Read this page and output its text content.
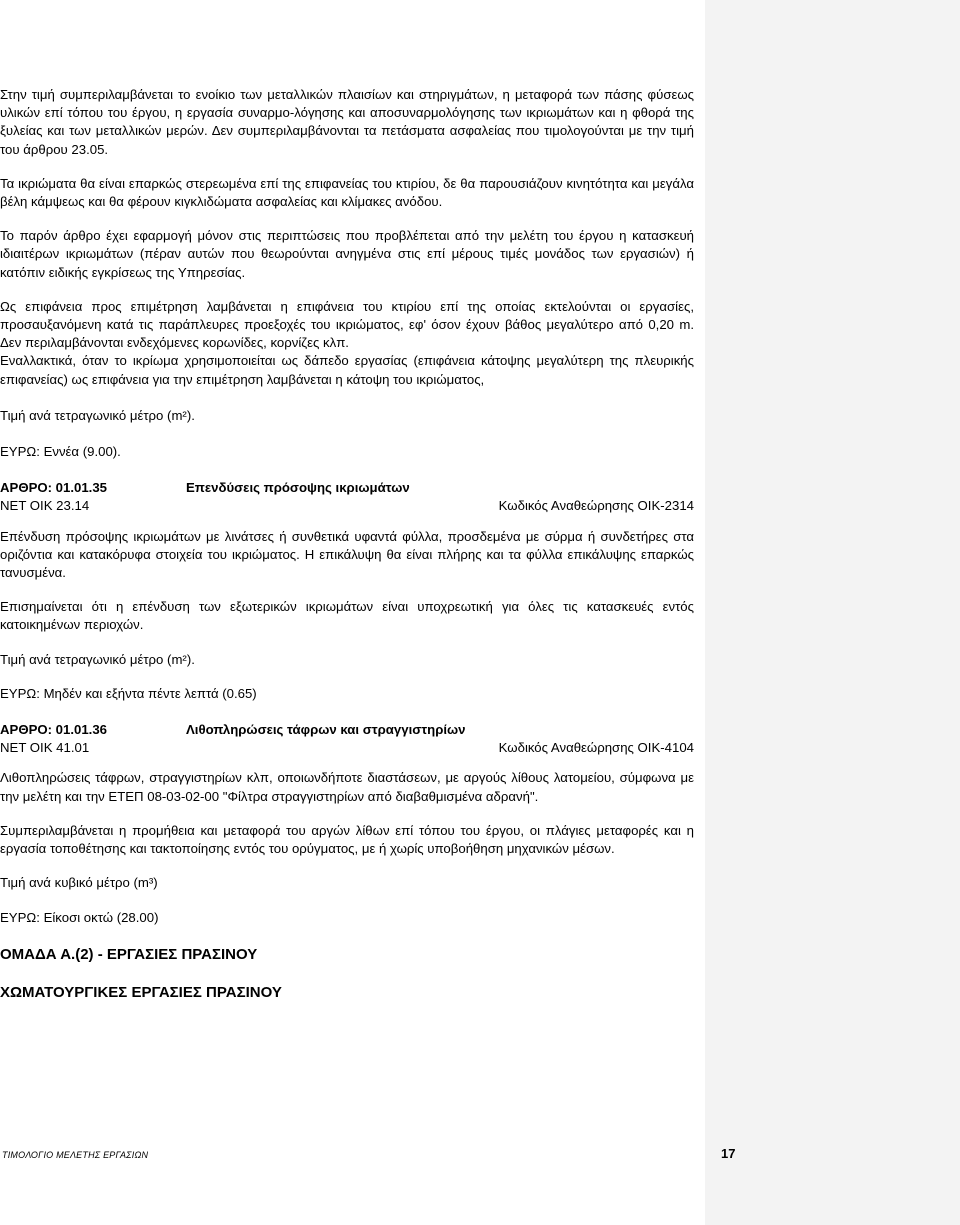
Στην τιμή συμπεριλαμβάνεται το ενοίκιο των μεταλλικών πλαισίων και στηριγμάτων, η μεταφορά των πάσης φύσεως υλικών επί τόπου του έργου, η εργασία συναρμο-λόγησης και αποσυναρμολόγησης των ικριωμάτων και η φθορά της ξυλείας και των μεταλλικών μερών. Δεν συμπεριλαμβάνονται τα πετάσματα ασφαλείας που τιμολογούνται με την τιμή του άρθρου 23.05.

Τα ικριώματα θα είναι επαρκώς στερεωμένα επί της επιφανείας του κτιρίου, δε θα παρουσιάζουν κινητότητα και μεγάλα βέλη κάμψεως και θα φέρουν κιγκλιδώματα ασφαλείας και κλίμακες ανόδου.

Το παρόν άρθρο έχει εφαρμογή μόνον στις περιπτώσεις που προβλέπεται από την μελέτη του έργου η κατασκευή ιδιαιτέρων ικριωμάτων (πέραν αυτών που θεωρούνται ανηγμένα στις επί μέρους τιμές μονάδος των εργασιών) ή κατόπιν ειδικής εγκρίσεως της Υπηρεσίας.

Ως επιφάνεια προς επιμέτρηση λαμβάνεται η επιφάνεια του κτιρίου επί της οποίας εκτελούνται οι εργασίες, προσαυξανόμενη κατά τις παράπλευρες προεξοχές του ικριώματος, εφ' όσον έχουν βάθος μεγαλύτερο από 0,20 m. Δεν περιλαμβάνονται ενδεχόμενες κορωνίδες, κορνίζες κλπ.

Εναλλακτικά, όταν το ικρίωμα χρησιμοποιείται ως δάπεδο εργασίας (επιφάνεια κάτοψης μεγαλύτερη της πλευρικής επιφανείας) ως επιφάνεια για την επιμέτρηση λαμβάνεται η κάτοψη του ικριώματος,

Τιμή ανά τετραγωνικό μέτρο (m²).

ΕΥΡΩ: Εννέα (9.00).

ΑΡΘΡΟ: 01.01.35	Επενδύσεις πρόσοψης ικριωμάτων
ΝΕΤ ΟΙΚ 23.14	Κωδικός Αναθεώρησης ΟΙΚ-2314

Επένδυση πρόσοψης ικριωμάτων με λινάτσες ή συνθετικά υφαντά φύλλα, προσδεμένα με σύρμα ή συνδετήρες στα οριζόντια και κατακόρυφα στοιχεία του ικριώματος. Η επικάλυψη θα είναι πλήρης και τα φύλλα επικάλυψης επαρκώς τανυσμένα.

Επισημαίνεται ότι η επένδυση των εξωτερικών ικριωμάτων είναι υποχρεωτική για όλες τις κατασκευές εντός κατοικημένων περιοχών.

Τιμή ανά τετραγωνικό μέτρο (m²).

ΕΥΡΩ: Μηδέν και εξήντα πέντε λεπτά (0.65)

ΑΡΘΡΟ: 01.01.36	Λιθοπληρώσεις τάφρων και στραγγιστηρίων
ΝΕΤ ΟΙΚ 41.01	Κωδικός Αναθεώρησης ΟΙΚ-4104

Λιθοπληρώσεις τάφρων, στραγγιστηρίων κλπ, οποιωνδήποτε διαστάσεων, με αργούς λίθους λατομείου, σύμφωνα με την μελέτη και την ΕΤΕΠ 08-03-02-00 "Φίλτρα στραγγιστηρίων από διαβαθμισμένα αδρανή".

Συμπεριλαμβάνεται η προμήθεια και μεταφορά του αργών λίθων επί τόπου του έργου, οι πλάγιες μεταφορές και η εργασία τοποθέτησης και τακτοποίησης εντός του ορύγματος, με ή χωρίς υποβοήθηση μηχανικών μέσων.

Τιμή ανά κυβικό μέτρο (m³)

ΕΥΡΩ: Είκοσι οκτώ (28.00)

ΟΜΑΔΑ Α.(2) - ΕΡΓΑΣΙΕΣ ΠΡΑΣΙΝΟΥ
ΧΩΜΑΤΟΥΡΓΙΚΕΣ ΕΡΓΑΣΙΕΣ ΠΡΑΣΙΝΟΥ
ΤΙΜΟΛΟΓΙΟ ΜΕΛΕΤΗΣ ΕΡΓΑΣΙΩΝ	17
